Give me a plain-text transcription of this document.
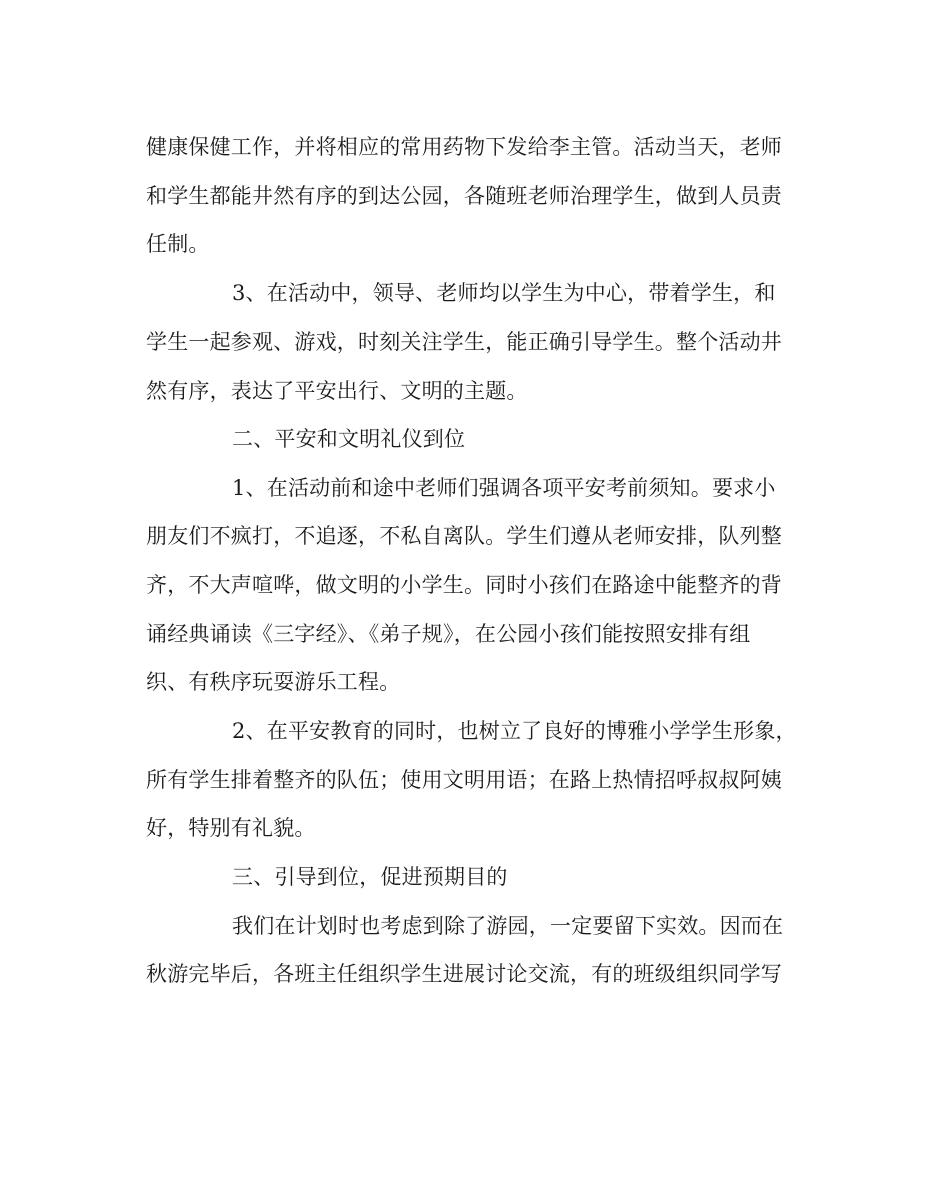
健康保健工作，并将相应的常用药物下发给李主管。活动当天，老师
和学生都能井然有序的到达公园，各随班老师治理学生，做到人员责
任制。
3、在活动中，领导、老师均以学生为中心，带着学生，和
学生一起参观、游戏，时刻关注学生，能正确引导学生。整个活动井
然有序，表达了平安出行、文明的主题。
二、平安和文明礼仪到位
1、在活动前和途中老师们强调各项平安考前须知。要求小
朋友们不疯打，不追逐，不私自离队。学生们遵从老师安排，队列整
齐，不大声喧哗，做文明的小学生。同时小孩们在路途中能整齐的背
诵经典诵读《三字经》、《弟子规》，在公园小孩们能按照安排有组
织、有秩序玩耍游乐工程。
2、在平安教育的同时，也树立了良好的博雅小学学生形象，
所有学生排着整齐的队伍；使用文明用语；在路上热情招呼叔叔阿姨
好，特别有礼貌。
三、引导到位，促进预期目的
我们在计划时也考虑到除了游园，一定要留下实效。因而在
秋游完毕后，各班主任组织学生进展讨论交流，有的班级组织同学写
